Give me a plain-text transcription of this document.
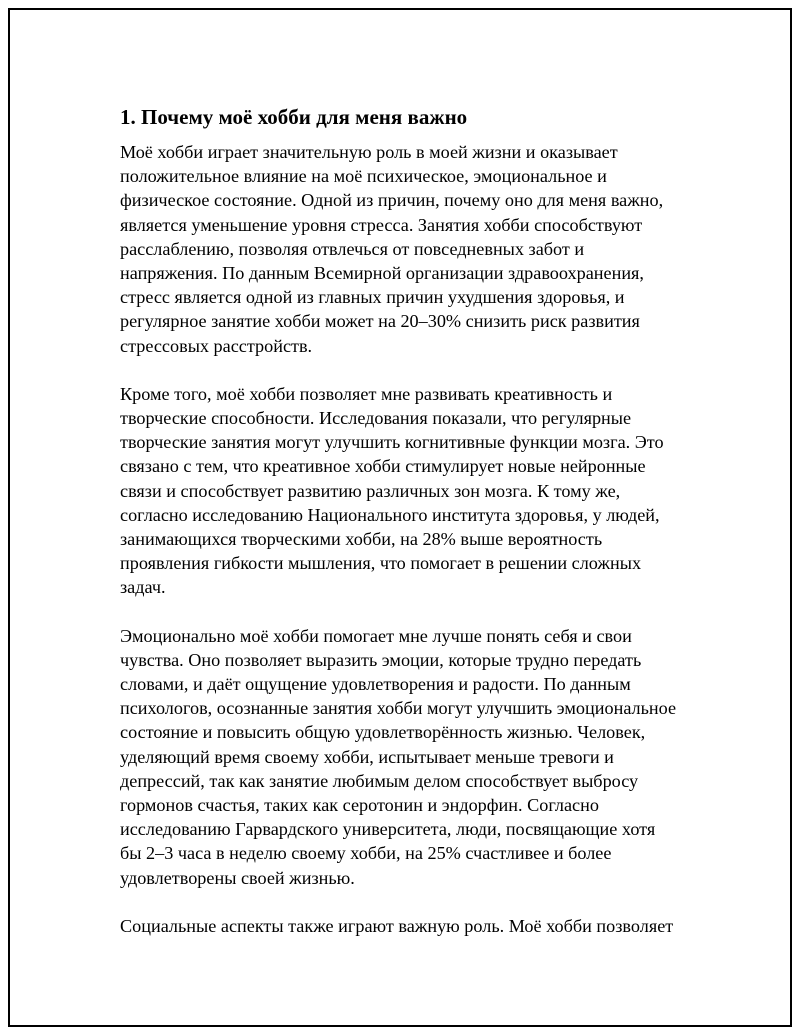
1. Почему моё хобби для меня важно
Моё хобби играет значительную роль в моей жизни и оказывает
положительное влияние на моё психическое, эмоциональное и
физическое состояние. Одной из причин, почему оно для меня важно,
является уменьшение уровня стресса. Занятия хобби способствуют
расслаблению, позволяя отвлечься от повседневных забот и
напряжения. По данным Всемирной организации здравоохранения,
стресс является одной из главных причин ухудшения здоровья, и
регулярное занятие хобби может на 20–30% снизить риск развития
стрессовых расстройств.
Кроме того, моё хобби позволяет мне развивать креативность и
творческие способности. Исследования показали, что регулярные
творческие занятия могут улучшить когнитивные функции мозга. Это
связано с тем, что креативное хобби стимулирует новые нейронные
связи и способствует развитию различных зон мозга. К тому же,
согласно исследованию Национального института здоровья, у людей,
занимающихся творческими хобби, на 28% выше вероятность
проявления гибкости мышления, что помогает в решении сложных
задач.
Эмоционально моё хобби помогает мне лучше понять себя и свои
чувства. Оно позволяет выразить эмоции, которые трудно передать
словами, и даёт ощущение удовлетворения и радости. По данным
психологов, осознанные занятия хобби могут улучшить эмоциональное
состояние и повысить общую удовлетворённость жизнью. Человек,
уделяющий время своему хобби, испытывает меньше тревоги и
депрессий, так как занятие любимым делом способствует выбросу
гормонов счастья, таких как серотонин и эндорфин. Согласно
исследованию Гарвардского университета, люди, посвящающие хотя
бы 2–3 часа в неделю своему хобби, на 25% счастливее и более
удовлетворены своей жизнью.
Социальные аспекты также играют важную роль. Моё хобби позволяет
